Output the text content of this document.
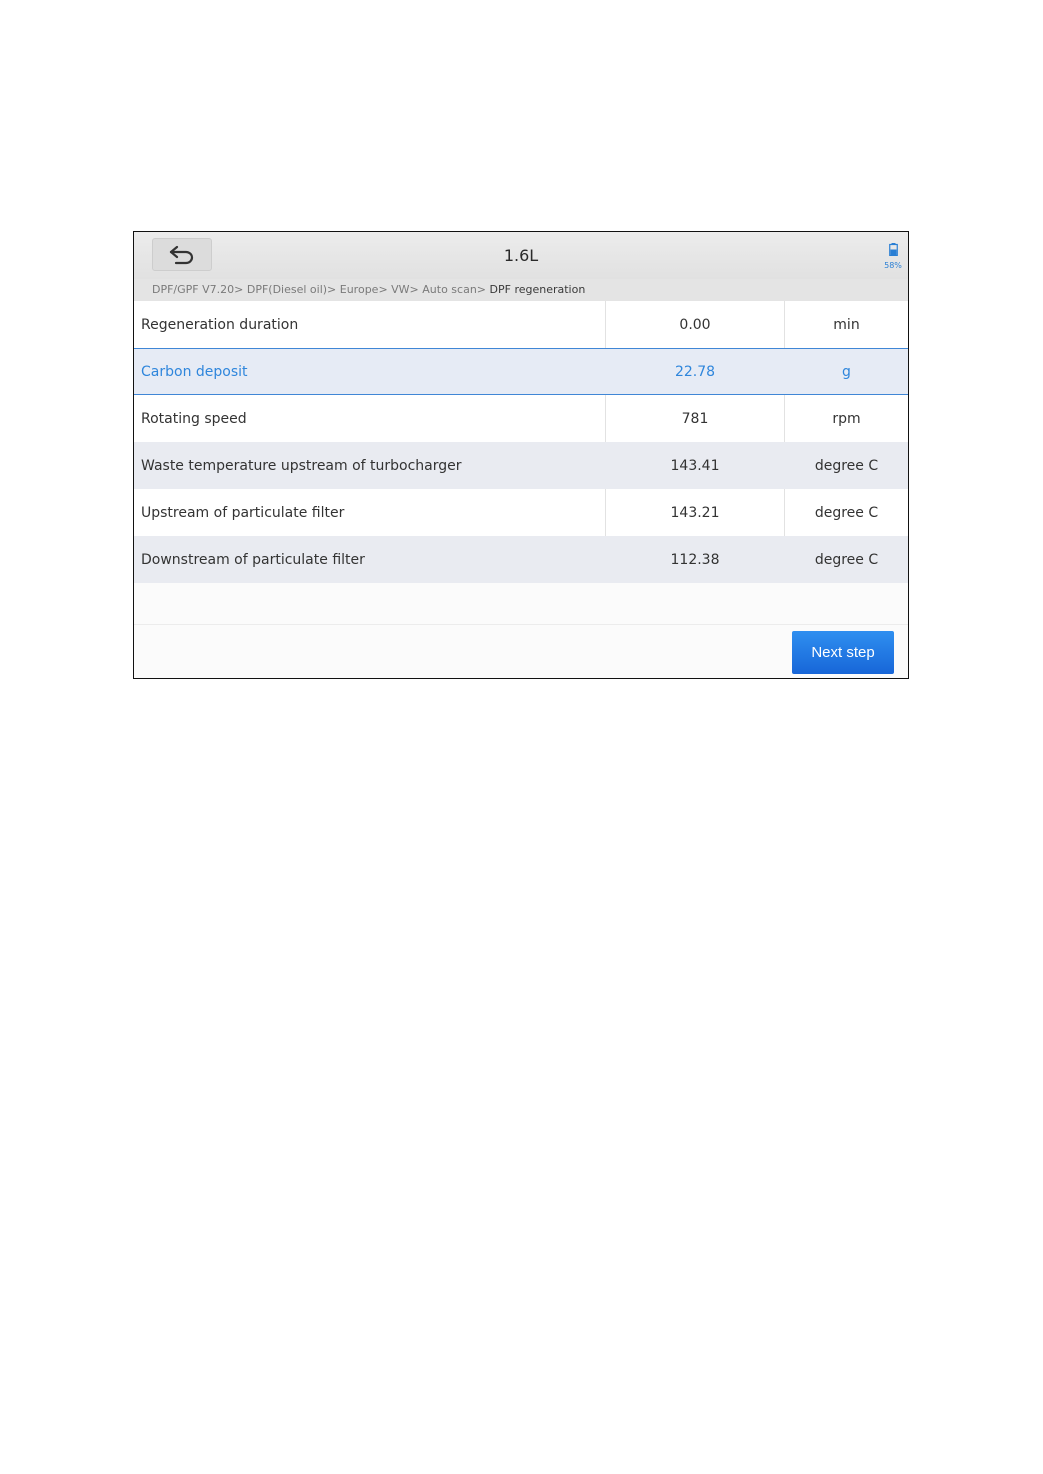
1.6L
58%
DPF/GPF V7.20> DPF(Diesel oil)> Europe> VW> Auto scan> DPF regeneration
Regeneration duration	0.00	min
Carbon deposit	22.78	g
Rotating speed	781	rpm
Waste temperature upstream of turbocharger	143.41	degree C
Upstream of particulate filter	143.21	degree C
Downstream of particulate filter	112.38	degree C
Next step
